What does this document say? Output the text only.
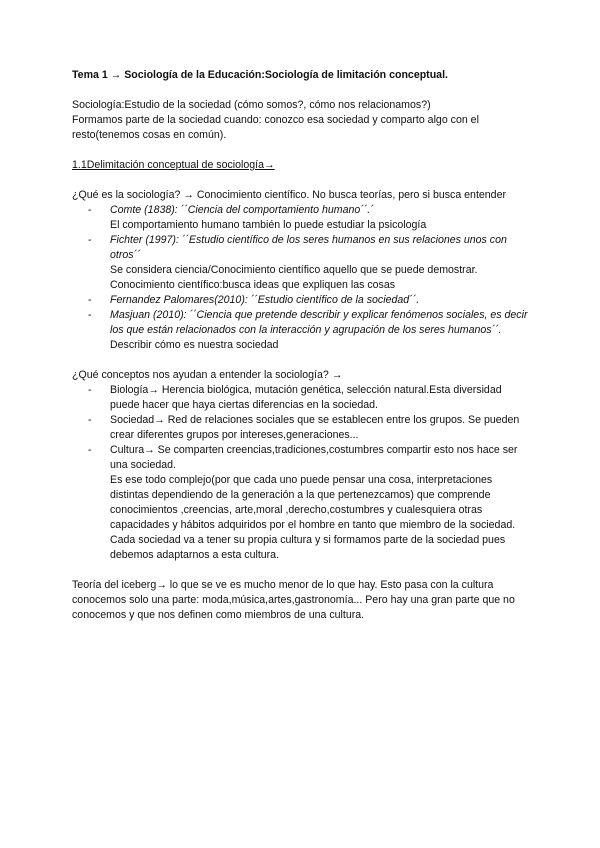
Tema 1 → Sociología de la Educación:Sociología de limitación conceptual.

Sociología:Estudio de la sociedad (cómo somos?, cómo nos relacionamos?)

Formamos parte de la sociedad cuando: conozco esa sociedad y comparto algo con el resto(tenemos cosas en común).

1.1Delimitación conceptual de sociología→

¿Qué es la sociología? → Conocimiento científico. No busca teorías, pero si busca entender

- Comte (1838): ´´Ciencia del comportamiento humano´´.´
El comportamiento humano también lo puede estudiar la psicología
- Fichter (1997): ´´Estudio científico de los seres humanos en sus relaciones unos con otros´´
Se considera ciencia/Conocimiento científico aquello que se puede demostrar.
Conocimiento científico:busca ideas que expliquen las cosas
- Fernandez Palomares(2010): ´´Estudio científico de la sociedad´´.
- Masjuan (2010): ´´Ciencia que pretende describir y explicar fenómenos sociales, es decir los que están relacionados con la interacción y agrupación de los seres humanos´´.
Describir cómo es nuestra sociedad

¿Qué conceptos nos ayudan a entender la sociología? →

- Biología→ Herencia biológica, mutación genética, selección natural.Esta diversidad puede hacer que haya ciertas diferencias en la sociedad.
- Sociedad→ Red de relaciones sociales que se establecen entre los grupos. Se pueden crear diferentes grupos por intereses,generaciones...
- Cultura→ Se comparten creencias,tradiciones,costumbres compartir esto nos hace ser una sociedad.
Es ese todo complejo(por que cada uno puede pensar una cosa, interpretaciones distintas dependiendo de la generación a la que pertenezcamos) que comprende conocimientos ,creencias, arte,moral ,derecho,costumbres y cualesquiera otras capacidades y hábitos adquiridos por el hombre en tanto que miembro de la sociedad.
Cada sociedad va a tener su propia cultura y si formamos parte de la sociedad pues debemos adaptarnos a esta cultura.

Teoría del iceberg→ lo que se ve es mucho menor de lo que hay. Esto pasa con la cultura conocemos solo una parte: moda,música,artes,gastronomía... Pero hay una gran parte que no conocemos y que nos definen como miembros de una cultura.
